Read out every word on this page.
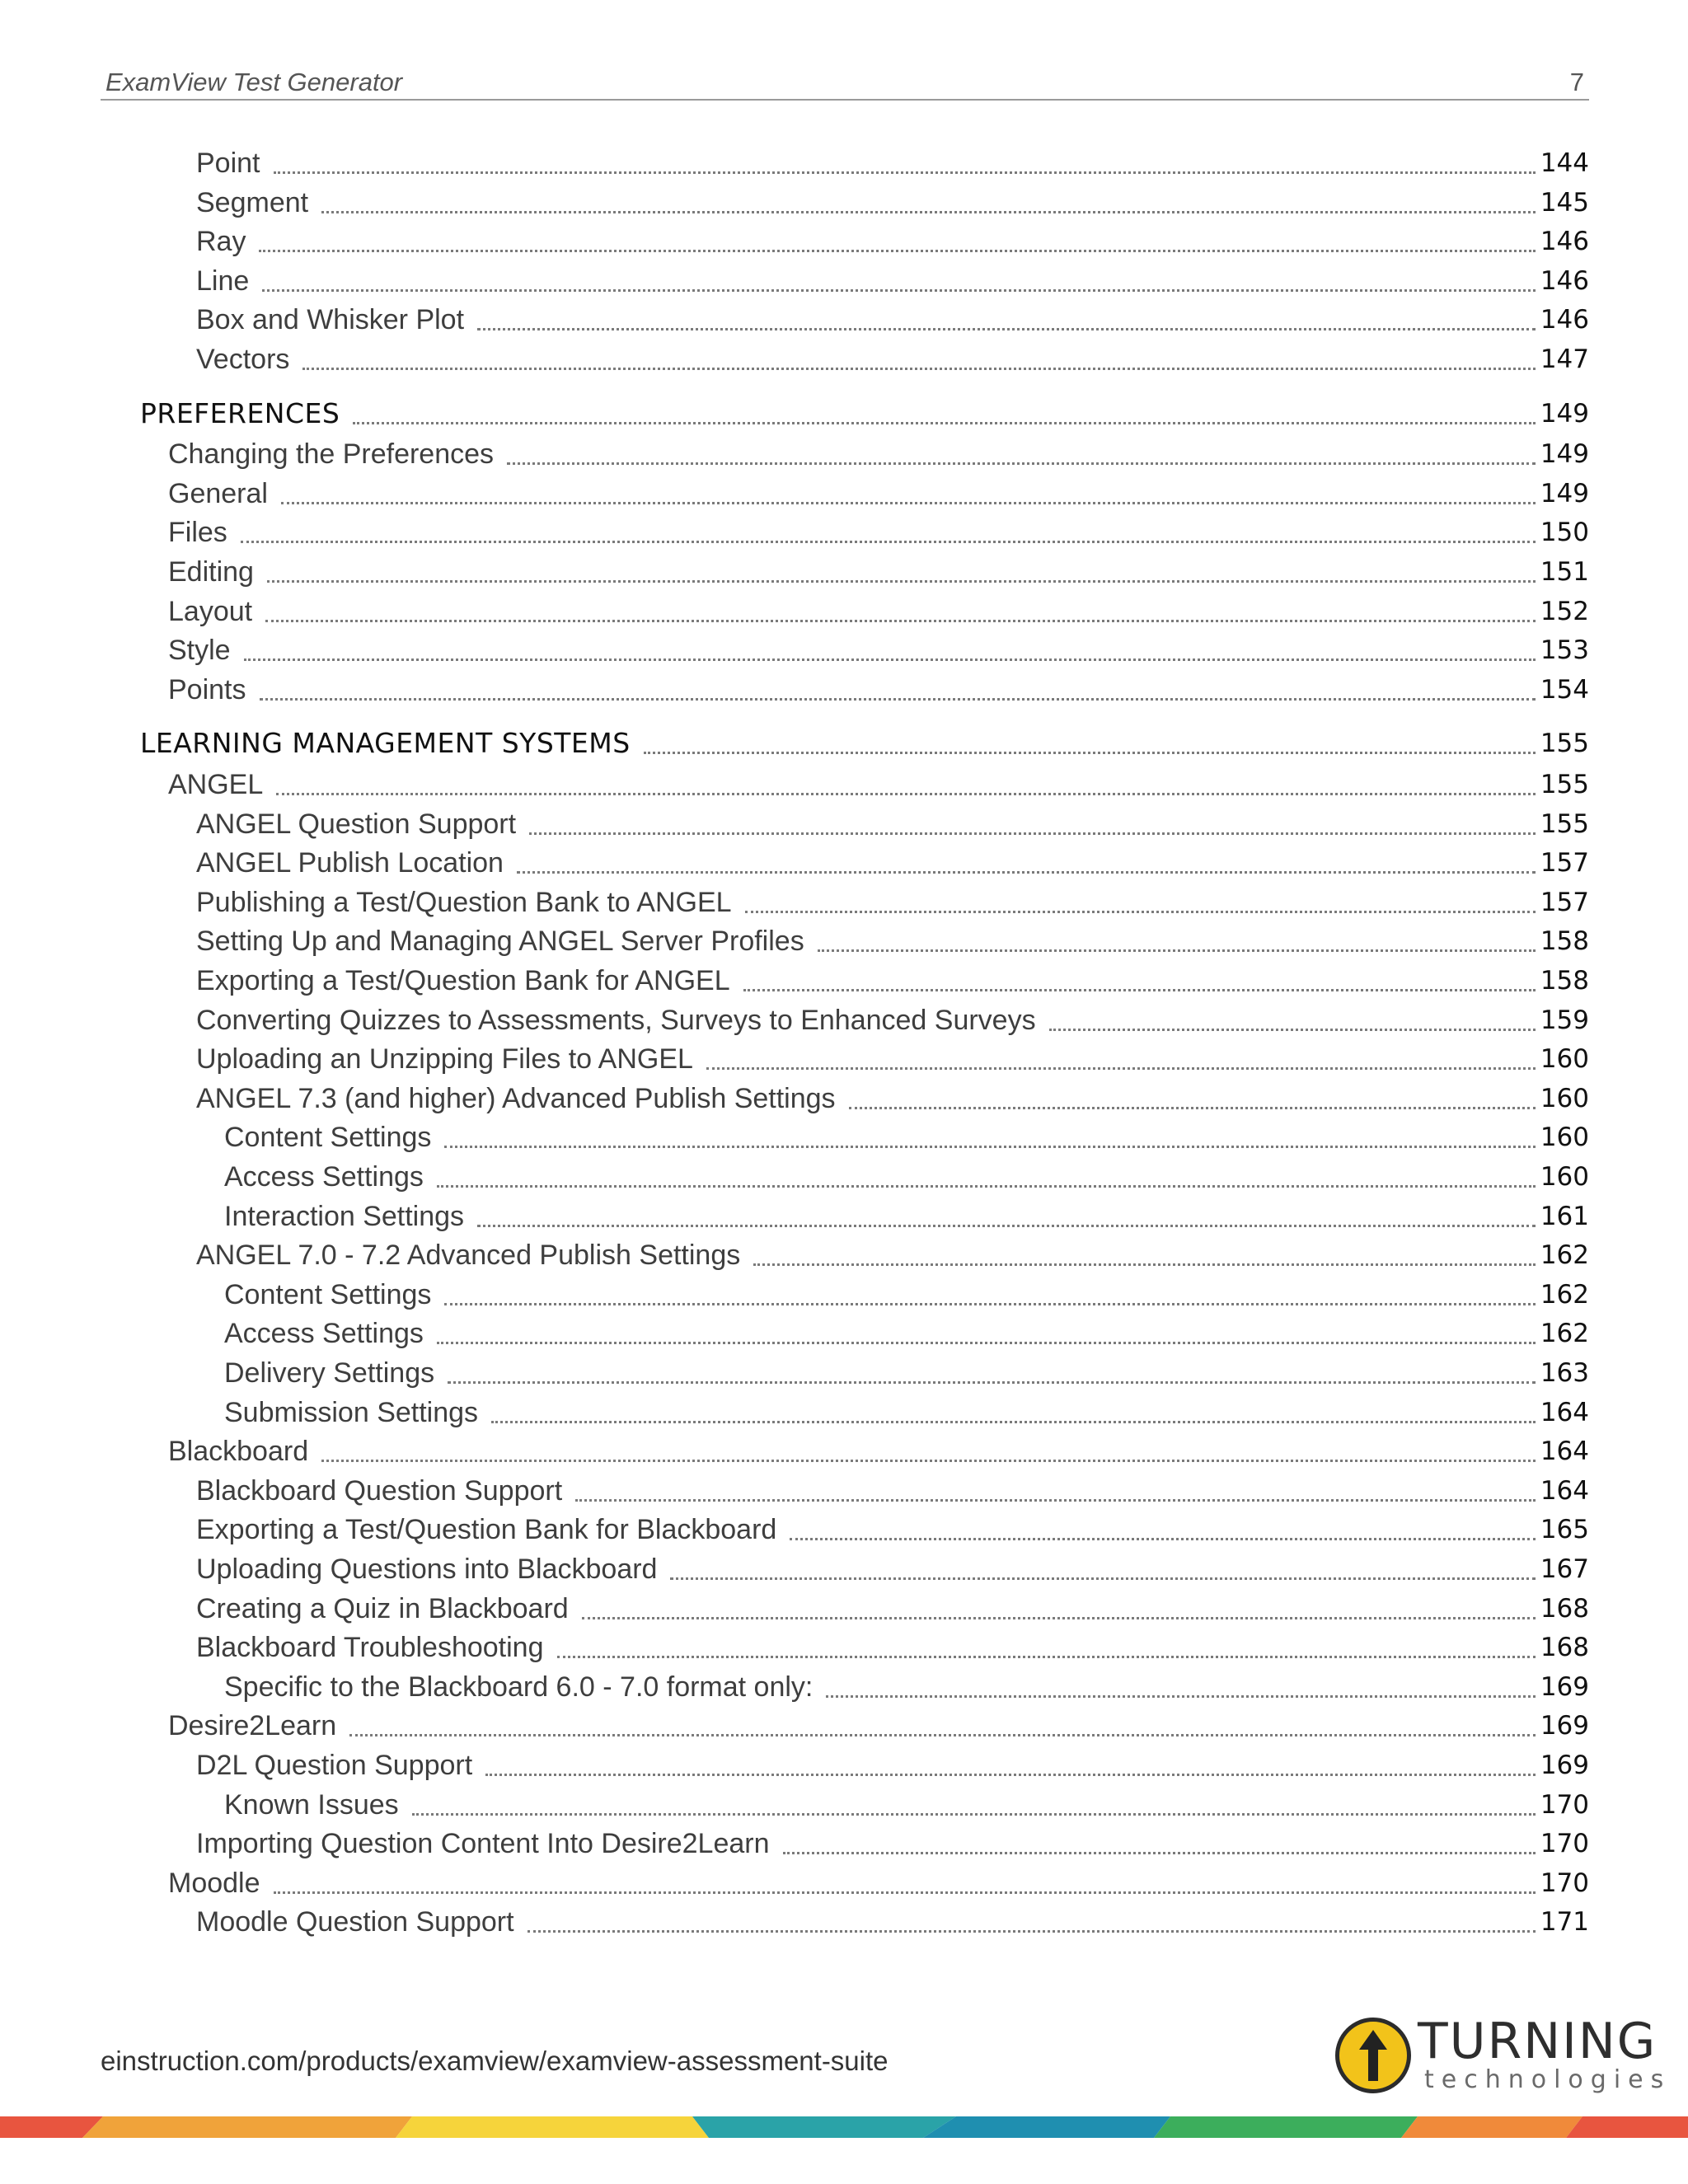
ExamView Test Generator	7
Point	144
Segment	145
Ray	146
Line	146
Box and Whisker Plot	146
Vectors	147
PREFERENCES	149
Changing the Preferences	149
General	149
Files	150
Editing	151
Layout	152
Style	153
Points	154
LEARNING MANAGEMENT SYSTEMS	155
ANGEL	155
ANGEL Question Support	155
ANGEL Publish Location	157
Publishing a Test/Question Bank to ANGEL	157
Setting Up and Managing ANGEL Server Profiles	158
Exporting a Test/Question Bank for ANGEL	158
Converting Quizzes to Assessments, Surveys to Enhanced Surveys	159
Uploading an Unzipping Files to ANGEL	160
ANGEL 7.3 (and higher) Advanced Publish Settings	160
Content Settings	160
Access Settings	160
Interaction Settings	161
ANGEL 7.0 - 7.2 Advanced Publish Settings	162
Content Settings	162
Access Settings	162
Delivery Settings	163
Submission Settings	164
Blackboard	164
Blackboard Question Support	164
Exporting a Test/Question Bank for Blackboard	165
Uploading Questions into Blackboard	167
Creating a Quiz in Blackboard	168
Blackboard Troubleshooting	168
Specific to the Blackboard 6.0 - 7.0 format only:	169
Desire2Learn	169
D2L Question Support	169
Known Issues	170
Importing Question Content Into Desire2Learn	170
Moodle	170
Moodle Question Support	171
einstruction.com/products/examview/examview-assessment-suite	TURNING
technologies
